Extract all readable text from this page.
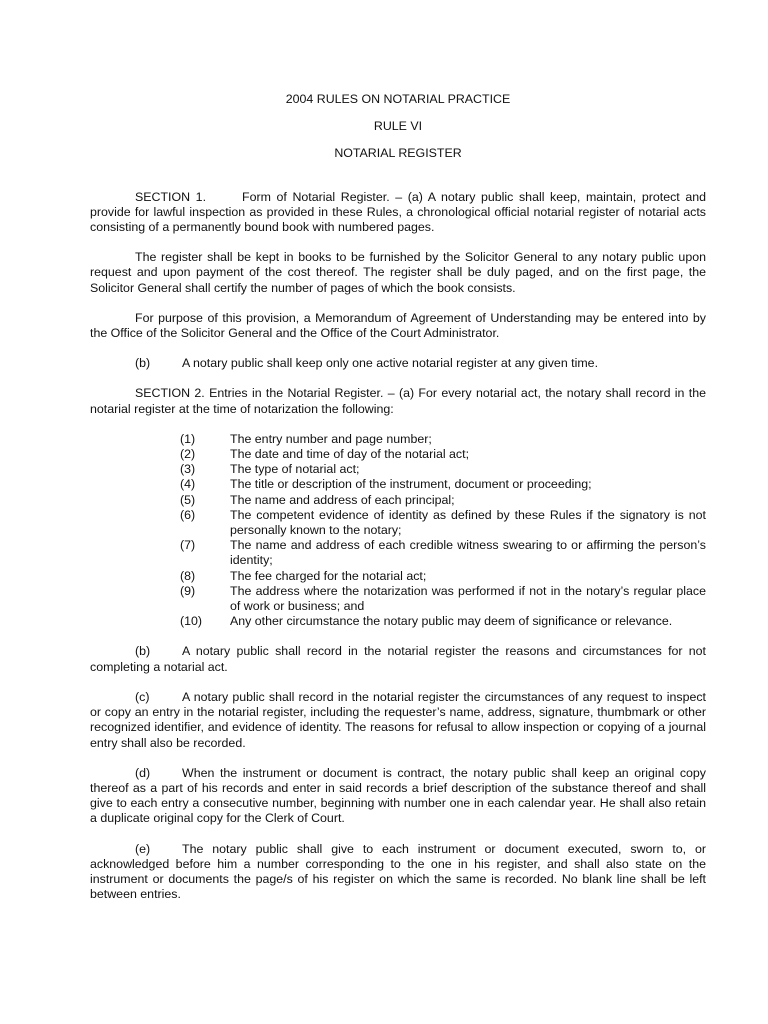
2004 RULES ON NOTARIAL PRACTICE

RULE VI

NOTARIAL REGISTER

SECTION 1.	Form of Notarial Register. – (a) A notary public shall keep, maintain, protect and provide for lawful inspection as provided in these Rules, a chronological official notarial register of notarial acts consisting of a permanently bound book with numbered pages.

The register shall be kept in books to be furnished by the Solicitor General to any notary public upon request and upon payment of the cost thereof. The register shall be duly paged, and on the first page, the Solicitor General shall certify the number of pages of which the book consists.

For purpose of this provision, a Memorandum of Agreement of Understanding may be entered into by the Office of the Solicitor General and the Office of the Court Administrator.

(b)	A notary public shall keep only one active notarial register at any given time.

SECTION 2. Entries in the Notarial Register. – (a) For every notarial act, the notary shall record in the notarial register at the time of notarization the following:

(1)	The entry number and page number;
(2)	The date and time of day of the notarial act;
(3)	The type of notarial act;
(4)	The title or description of the instrument, document or proceeding;
(5)	The name and address of each principal;
(6)	The competent evidence of identity as defined by these Rules if the signatory is not personally known to the notary;
(7)	The name and address of each credible witness swearing to or affirming the person’s identity;
(8)	The fee charged for the notarial act;
(9)	The address where the notarization was performed if not in the notary’s regular place of work or business; and
(10)	Any other circumstance the notary public may deem of significance or relevance.

(b)	A notary public shall record in the notarial register the reasons and circumstances for not completing a notarial act.

(c)	A notary public shall record in the notarial register the circumstances of any request to inspect or copy an entry in the notarial register, including the requester’s name, address, signature, thumbmark or other recognized identifier, and evidence of identity. The reasons for refusal to allow inspection or copying of a journal entry shall also be recorded.

(d)	When the instrument or document is contract, the notary public shall keep an original copy thereof as a part of his records and enter in said records a brief description of the substance thereof and shall give to each entry a consecutive number, beginning with number one in each calendar year. He shall also retain a duplicate original copy for the Clerk of Court.

(e)	The notary public shall give to each instrument or document executed, sworn to, or acknowledged before him a number corresponding to the one in his register, and shall also state on the instrument or documents the page/s of his register on which the same is recorded. No blank line shall be left between entries.
